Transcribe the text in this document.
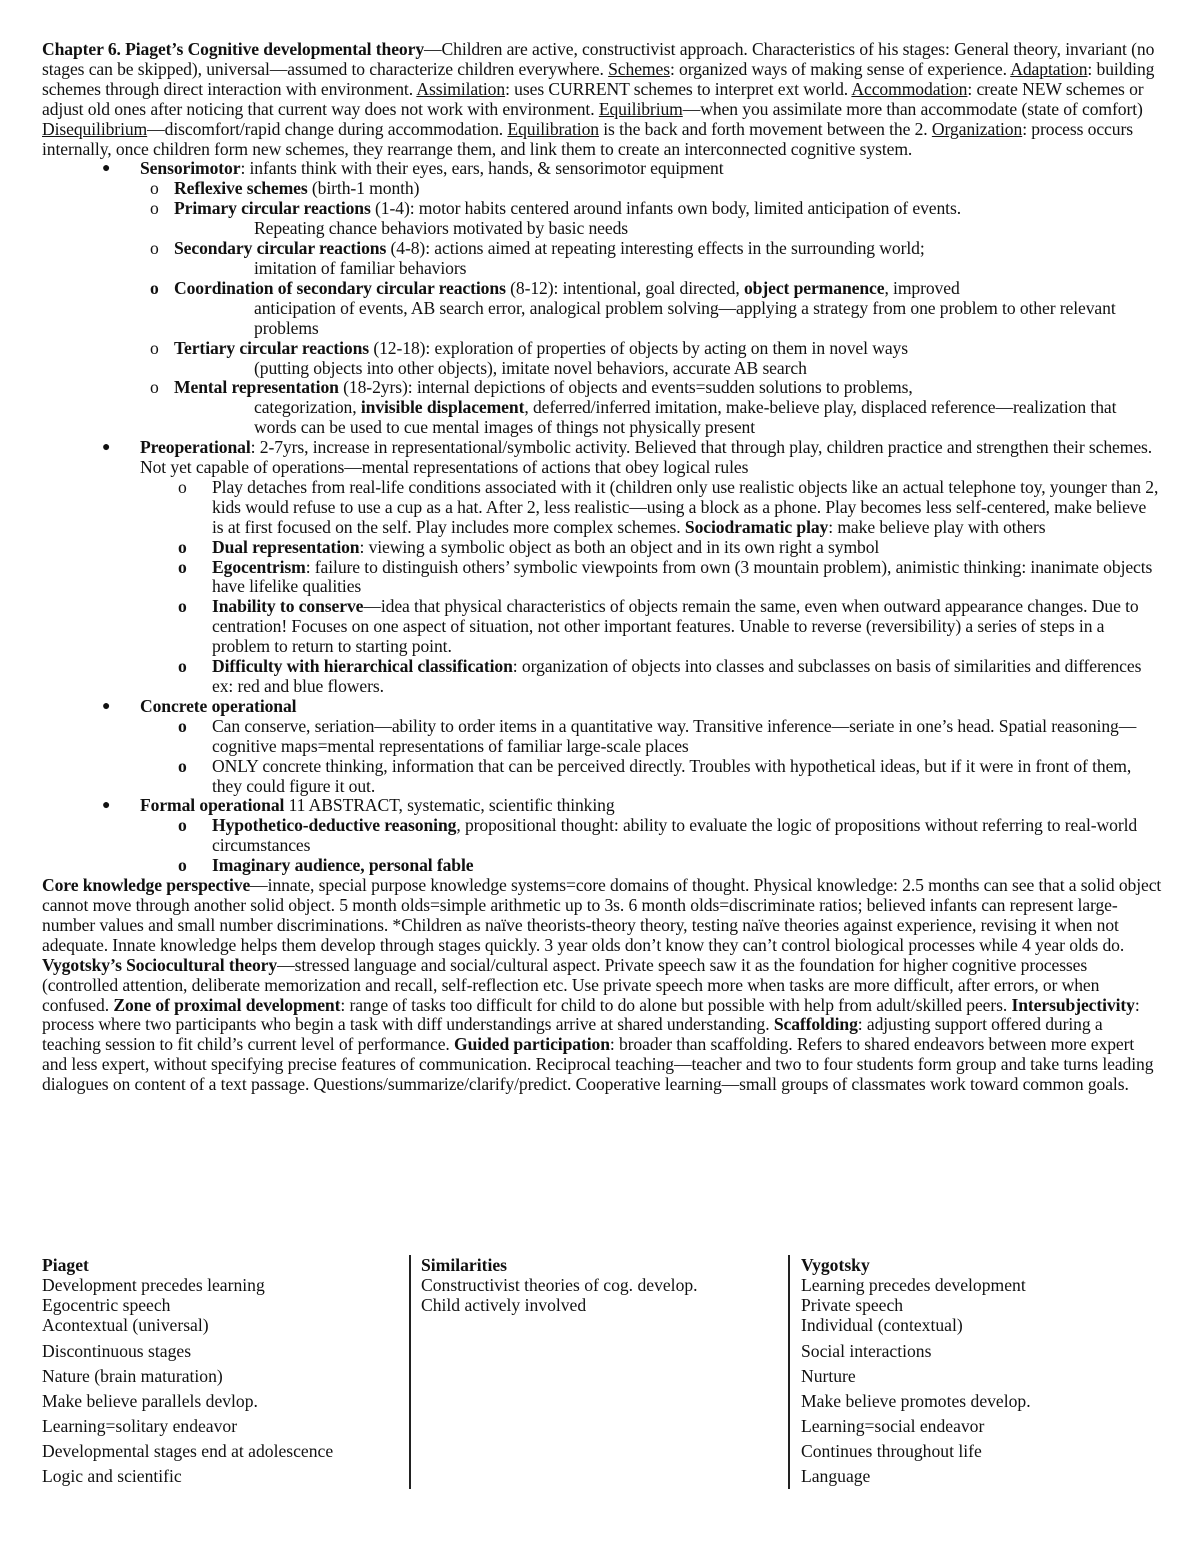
Chapter 6. Piaget’s Cognitive developmental theory—Children are active, constructivist approach. Characteristics of his stages: General theory, invariant (no stages can be skipped), universal—assumed to characterize children everywhere. Schemes: organized ways of making sense of experience. Adaptation: building schemes through direct interaction with environment. Assimilation: uses CURRENT schemes to interpret ext world. Accommodation: create NEW schemes or adjust old ones after noticing that current way does not work with environment. Equilibrium—when you assimilate more than accommodate (state of comfort) Disequilibrium—discomfort/rapid change during accommodation. Equilibration is the back and forth movement between the 2. Organization: process occurs internally, once children form new schemes, they rearrange them, and link them to create an interconnected cognitive system.

● Sensorimotor: infants think with their eyes, ears, hands, & sensorimotor equipment
o Reflexive schemes (birth-1 month)
o Primary circular reactions (1-4): motor habits centered around infants own body, limited anticipation of events.
Repeating chance behaviors motivated by basic needs
o Secondary circular reactions (4-8): actions aimed at repeating interesting effects in the surrounding world;
imitation of familiar behaviors
o Coordination of secondary circular reactions (8-12): intentional, goal directed, object permanence, improved
anticipation of events, AB search error, analogical problem solving—applying a strategy from one problem to other relevant problems
o Tertiary circular reactions (12-18): exploration of properties of objects by acting on them in novel ways
(putting objects into other objects), imitate novel behaviors, accurate AB search
o Mental representation (18-2yrs): internal depictions of objects and events=sudden solutions to problems,
categorization, invisible displacement, deferred/inferred imitation, make-believe play, displaced reference—realization that words can be used to cue mental images of things not physically present
● Preoperational: 2-7yrs, increase in representational/symbolic activity. Believed that through play, children practice and strengthen their schemes. Not yet capable of operations—mental representations of actions that obey logical rules
o Play detaches from real-life conditions associated with it (children only use realistic objects like an actual telephone toy, younger than 2, kids would refuse to use a cup as a hat. After 2, less realistic—using a block as a phone. Play becomes less self-centered, make believe is at first focused on the self. Play includes more complex schemes. Sociodramatic play: make believe play with others
o Dual representation: viewing a symbolic object as both an object and in its own right a symbol
o Egocentrism: failure to distinguish others’ symbolic viewpoints from own (3 mountain problem), animistic thinking: inanimate objects have lifelike qualities
o Inability to conserve—idea that physical characteristics of objects remain the same, even when outward appearance changes. Due to centration! Focuses on one aspect of situation, not other important features. Unable to reverse (reversibility) a series of steps in a problem to return to starting point.
o Difficulty with hierarchical classification: organization of objects into classes and subclasses on basis of similarities and differences ex: red and blue flowers.
● Concrete operational
o Can conserve, seriation—ability to order items in a quantitative way. Transitive inference—seriate in one’s head. Spatial reasoning—cognitive maps=mental representations of familiar large-scale places
o ONLY concrete thinking, information that can be perceived directly. Troubles with hypothetical ideas, but if it were in front of them, they could figure it out.
● Formal operational 11 ABSTRACT, systematic, scientific thinking
o Hypothetico-deductive reasoning, propositional thought: ability to evaluate the logic of propositions without referring to real-world circumstances
o Imaginary audience, personal fable

Core knowledge perspective—innate, special purpose knowledge systems=core domains of thought. Physical knowledge: 2.5 months can see that a solid object cannot move through another solid object. 5 month olds=simple arithmetic up to 3s. 6 month olds=discriminate ratios; believed infants can represent large-number values and small number discriminations. *Children as naïve theorists-theory theory, testing naïve theories against experience, revising it when not adequate. Innate knowledge helps them develop through stages quickly. 3 year olds don’t know they can’t control biological processes while 4 year olds do.

Vygotsky’s Sociocultural theory—stressed language and social/cultural aspect. Private speech saw it as the foundation for higher cognitive processes (controlled attention, deliberate memorization and recall, self-reflection etc. Use private speech more when tasks are more difficult, after errors, or when confused. Zone of proximal development: range of tasks too difficult for child to do alone but possible with help from adult/skilled peers. Intersubjectivity: process where two participants who begin a task with diff understandings arrive at shared understanding. Scaffolding: adjusting support offered during a teaching session to fit child’s current level of performance. Guided participation: broader than scaffolding. Refers to shared endeavors between more expert and less expert, without specifying precise features of communication. Reciprocal teaching—teacher and two to four students form group and take turns leading dialogues on content of a text passage. Questions/summarize/clarify/predict. Cooperative learning—small groups of classmates work toward common goals.

Piaget
Development precedes learning
Egocentric speech
Acontextual (universal)
Discontinuous stages
Nature (brain maturation)
Make believe parallels devlop.
Learning=solitary endeavor
Developmental stages end at adolescence
Logic and scientific
Similarities
Constructivist theories of cog. develop.
Child actively involved
Vygotsky
Learning precedes development
Private speech
Individual (contextual)
Social interactions
Nurture
Make believe promotes develop.
Learning=social endeavor
Continues throughout life
Language
